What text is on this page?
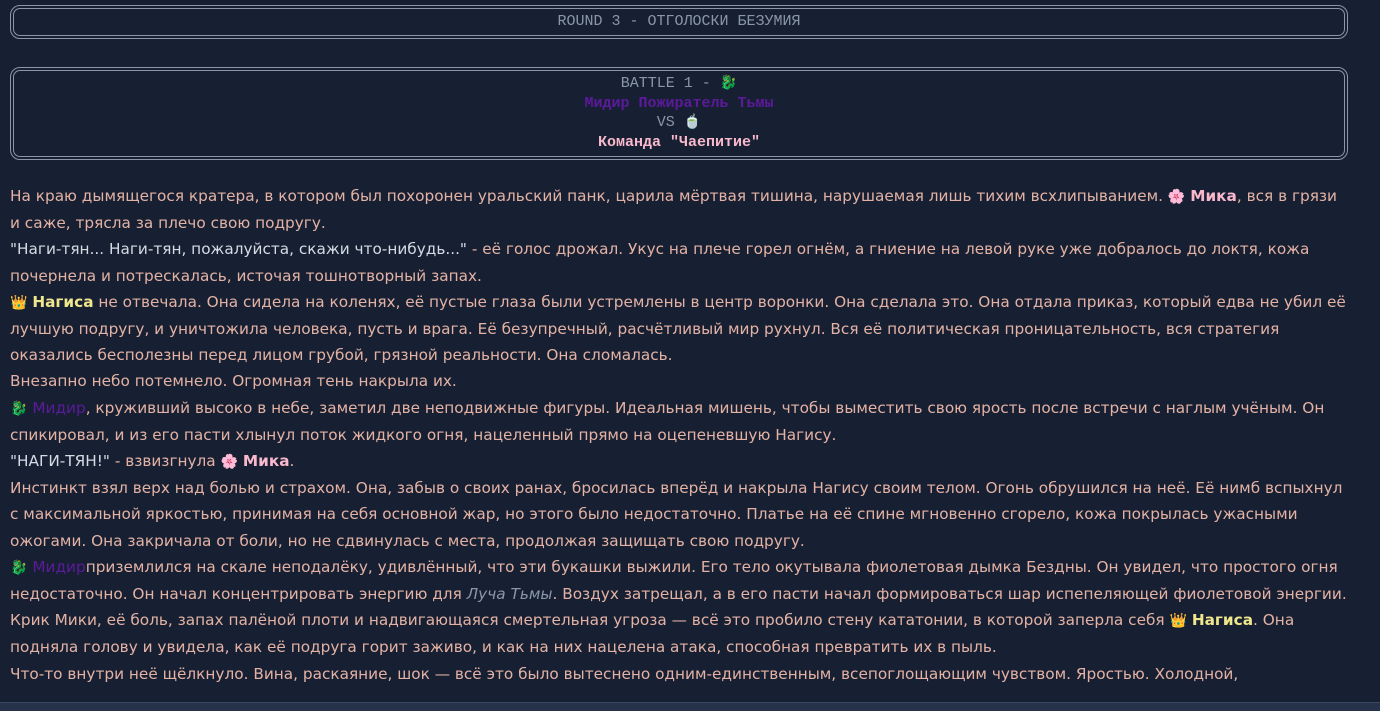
ROUND 3 - ОТГОЛОСКИ БЕЗУМИЯ
BATTLE 1 - 🐉
Мидир Пожиратель Тьмы
VS 🍵
Команда "Чаепитие"

На краю дымящегося кратера, в котором был похоронен уральский панк, царила мёртвая тишина, нарушаемая лишь тихим всхлипыванием. 🌸 Мика, вся в грязи и саже, трясла за плечо свою подругу.

"Наги-тян... Наги-тян, пожалуйста, скажи что-нибудь..." - её голос дрожал. Укус на плече горел огнём, а гниение на левой руке уже добралось до локтя, кожа почернела и потрескалась, источая тошнотворный запах.

👑 Нагиса не отвечала. Она сидела на коленях, её пустые глаза были устремлены в центр воронки. Она сделала это. Она отдала приказ, который едва не убил её лучшую подругу, и уничтожила человека, пусть и врага. Её безупречный, расчётливый мир рухнул. Вся её политическая проницательность, вся стратегия оказались бесполезны перед лицом грубой, грязной реальности. Она сломалась.

Внезапно небо потемнело. Огромная тень накрыла их.

🐉 Мидир, круживший высоко в небе, заметил две неподвижные фигуры. Идеальная мишень, чтобы выместить свою ярость после встречи с наглым учёным. Он спикировал, и из его пасти хлынул поток жидкого огня, нацеленный прямо на оцепеневшую Нагису.

"НАГИ-ТЯН!" - взвизгнула 🌸 Мика.

Инстинкт взял верх над болью и страхом. Она, забыв о своих ранах, бросилась вперёд и накрыла Нагису своим телом. Огонь обрушился на неё. Её нимб вспыхнул с максимальной яркостью, принимая на себя основной жар, но этого было недостаточно. Платье на её спине мгновенно сгорело, кожа покрылась ужасными ожогами. Она закричала от боли, но не сдвинулась с места, продолжая защищать свою подругу.

🐉 Мидирприземлился на скале неподалёку, удивлённый, что эти букашки выжили. Его тело окутывала фиолетовая дымка Бездны. Он увидел, что простого огня недостаточно. Он начал концентрировать энергию для Луча Тьмы. Воздух затрещал, а в его пасти начал формироваться шар испепеляющей фиолетовой энергии.

Крик Мики, её боль, запах палёной плоти и надвигающаяся смертельная угроза — всё это пробило стену кататонии, в которой заперла себя 👑 Нагиса. Она подняла голову и увидела, как её подруга горит заживо, и как на них нацелена атака, способная превратить их в пыль.

Что-то внутри неё щёлкнуло. Вина, раскаяние, шок — всё это было вытеснено одним-единственным, всепоглощающим чувством. Яростью. Холодной,
